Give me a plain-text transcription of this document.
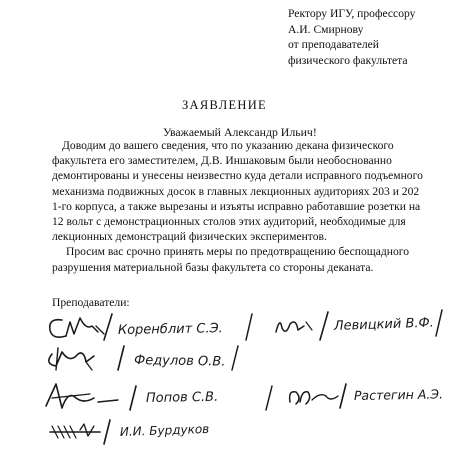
Ректору ИГУ, профессору
А.И. Смирнову
от преподавателей
физического факультета
ЗАЯВЛЕНИЕ
Уважаемый Александр Ильич!
Доводим до вашего сведения, что по указанию декана физического
факультета его заместителем, Д.В. Иншаковым были необоснованно
демонтированы и унесены неизвестно куда детали исправного подъемного
механизма подвижных досок в главных лекционных аудиториях 203 и 202
1-го корпуса, а также вырезаны и изъяты исправно работавшие розетки на
12 вольт с демонстрационных столов этих аудиторий, необходимые для
лекционных демонстраций физических экспериментов.
Просим вас срочно принять меры по предотвращению беспощадного
разрушения материальной базы факультета со стороны деканата.
Преподаватели:
Коренблит С.Э.	Левицкий В.Ф.
Федулов О.В.
Попов С.В.	Растегин А.Э.
И.И. Бурдуков
